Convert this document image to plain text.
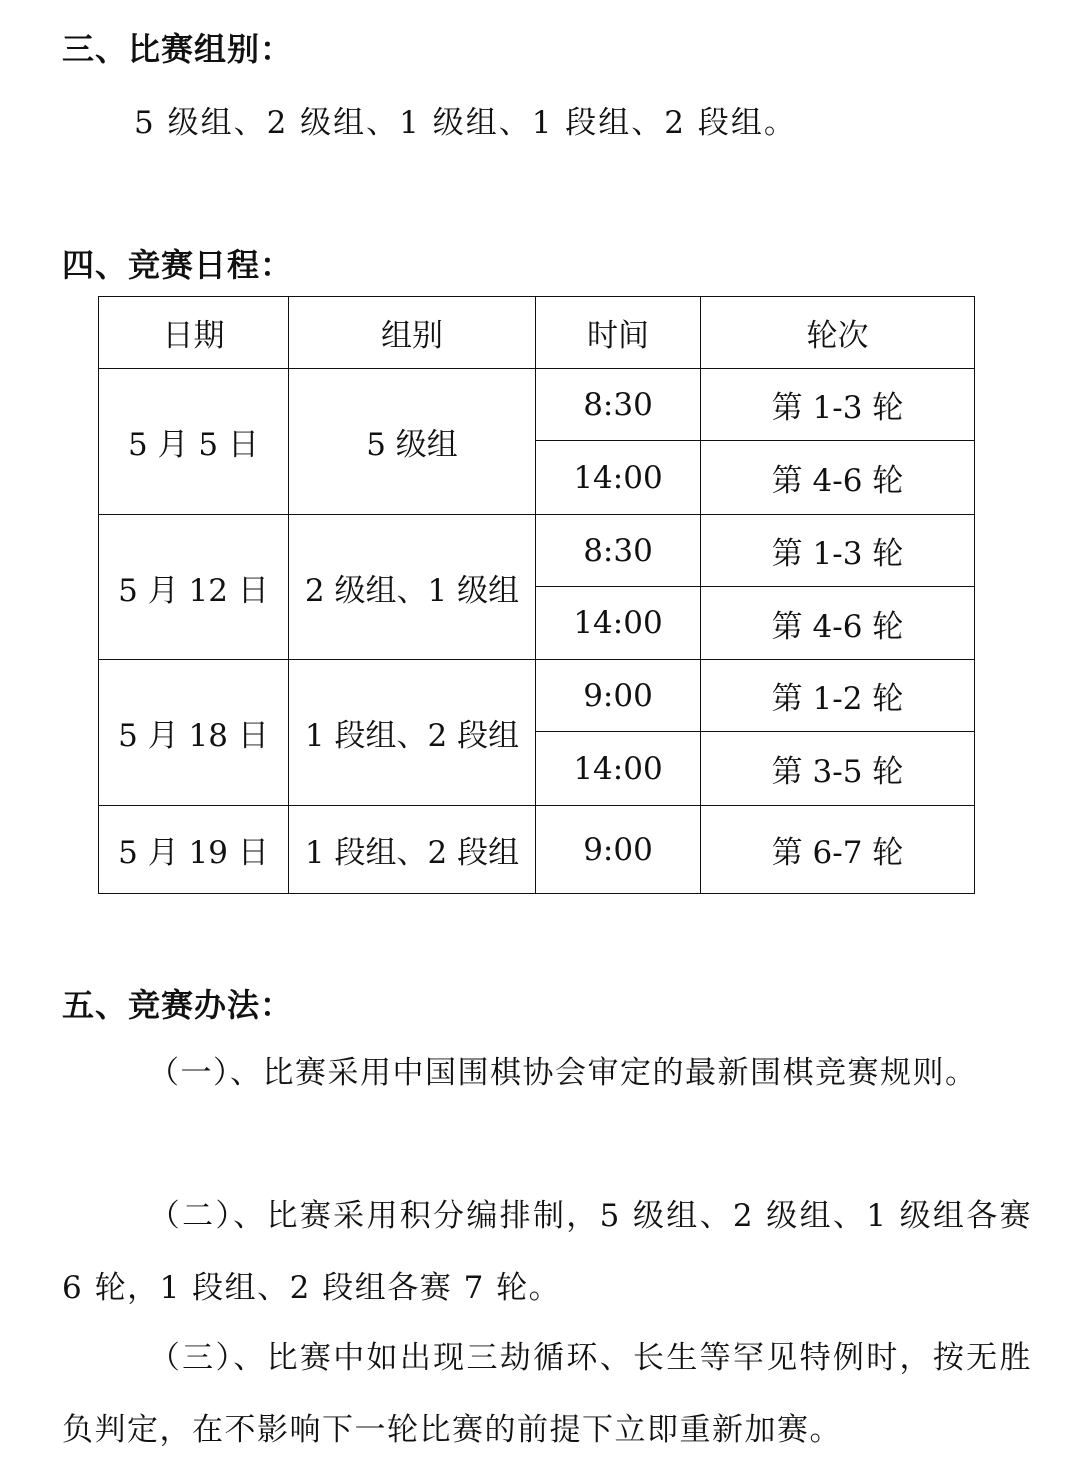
三、比赛组别：
5 级组、2 级组、1 级组、1 段组、2 段组。
四、竞赛日程：
日期	组别	时间	轮次
5 月 5 日	5 级组	8:30	第 1-3 轮
		14:00	第 4-6 轮
5 月 12 日	2 级组、1 级组	8:30	第 1-3 轮
		14:00	第 4-6 轮
5 月 18 日	1 段组、2 段组	9:00	第 1-2 轮
		14:00	第 3-5 轮
5 月 19 日	1 段组、2 段组	9:00	第 6-7 轮
五、竞赛办法：

（一）、比赛采用中国围棋协会审定的最新围棋竞赛规则。

（二）、比赛采用积分编排制，5 级组、2 级组、1 级组各赛 6 轮，1 段组、2 段组各赛 7 轮。

（三）、比赛中如出现三劫循环、长生等罕见特例时，按无胜负判定，在不影响下一轮比赛的前提下立即重新加赛。
